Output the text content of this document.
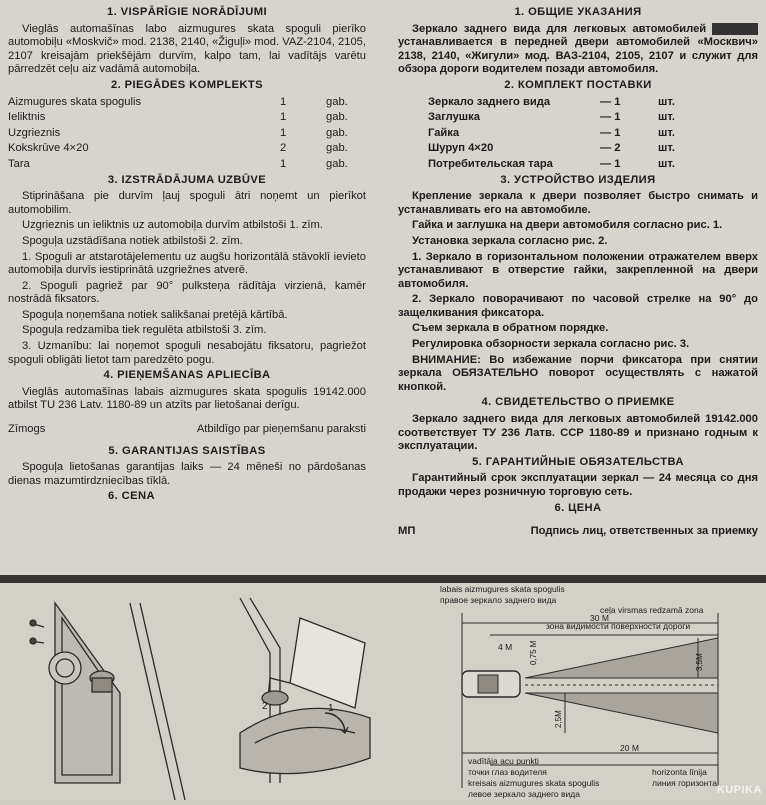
1. VISPĀRĪGIE NORĀDĪJUMI
Vieglās automašīnas labo aizmugures skata spoguli pierīko automobiļu «Moskvič» mod. 2138, 2140, «Žiguļi» mod. VAZ-2104, 2105, 2107 kreisajām priekšējām durvīm, kalpo tam, lai vadītājs varētu pārredzēt ceļu aiz vadāmā automobiļa.
2. PIEGĀDES KOMPLEKTS
Aizmugures skata spogulis	1	gab.
Ieliktnis	1	gab.
Uzgrieznis	1	gab.
Kokskrūve 4×20	2	gab.
Tara	1	gab.
3. IZSTRĀDĀJUMA UZBŪVE
Stiprināšana pie durvīm ļauj spoguli ātri noņemt un pierīkot automobilim.
Uzgrieznis un ieliktnis uz automobiļa durvīm atbilstoši 1. zīm.
Spoguļa uzstādīšana notiek atbilstoši 2. zīm.
1. Spoguli ar atstarotājelementu uz augšu horizontālā stāvoklī ievieto automobiļa durvīs iestiprinātā uzgriežnes atverē.
2. Spoguli pagriež par 90° pulksteņa rādītāja virzienā, kamēr nostrādā fiksators.
Spoguļa noņemšana notiek salikšanai pretējā kārtībā.
Spoguļa redzamība tiek regulēta atbilstoši 3. zīm.
3. Uzmanību: lai noņemot spoguli nesabojātu fiksatoru, pagriežot spoguli obligāti lietot tam paredzēto pogu.
4. PIEŅEMŠANAS APLIECĪBA
Vieglās automašīnas labais aizmugures skata spogulis 19142.000 atbilst TU 236 Latv. 1180-89 un atzīts par lietošanai derīgu.
Zīmogs	Atbildīgo par pieņemšanu paraksti
5. GARANTIJAS SAISTĪBAS
Spoguļa lietošanas garantijas laiks — 24 mēneši no pārdošanas dienas mazumtirdzniecības tīklā.
6. CENA
1. ОБЩИЕ УКАЗАНИЯ
Зеркало заднего вида для легковых автомобилей правое устанавливается в передней двери автомобилей «Москвич» 2138, 2140, «Жигули» мод. ВАЗ-2104, 2105, 2107 и служит для обзора дороги водителем позади автомобиля.
2. КОМПЛЕКТ ПОСТАВКИ
Зеркало заднего вида	— 1	шт.
Заглушка	— 1	шт.
Гайка	— 1	шт.
Шуруп 4×20	— 2	шт.
Потребительская тара	— 1	шт.
3. УСТРОЙСТВО ИЗДЕЛИЯ
Крепление зеркала к двери позволяет быстро снимать и устанавливать его на автомобиле.
Гайка и заглушка на двери автомобиля согласно рис. 1.
Установка зеркала согласно рис. 2.
1. Зеркало в горизонтальном положении отражателем вверх устанавливают в отверстие гайки, закрепленной на двери автомобиля.
2. Зеркало поворачивают по часовой стрелке на 90° до защелкивания фиксатора.
Съем зеркала в обратном порядке.
Регулировка обзорности зеркала согласно рис. 3.
ВНИМАНИЕ: Во избежание порчи фиксатора при снятии зеркала ОБЯЗАТЕЛЬНО поворот осуществлять с нажатой кнопкой.
4. СВИДЕТЕЛЬСТВО О ПРИЕМКЕ
Зеркало заднего вида для легковых автомобилей 19142.000 соответствует ТУ 236 Латв. ССР 1180-89 и признано годным к эксплуатации.
5. ГАРАНТИЙНЫЕ ОБЯЗАТЕЛЬСТВА
Гарантийный срок эксплуатации зеркал — 24 месяца со дня продажи через розничную торговую сеть.
6. ЦЕНА
МП	Подпись лиц, ответственных за приемку
1
2
labais aizmugures skata spogulis
правое зеркало заднего вида
ceļa virsmas redzamā zona
зона видимости поверхности дороги
30 M
20 M
4 M 0,75 M	3,5M
2,5M
vadītāja acu punkti
точки глаз водителя
kreisais aizmugures skata spogulis
левое зеркало заднего вида
horizonta līnija
линия горизонта
KUPIKA
